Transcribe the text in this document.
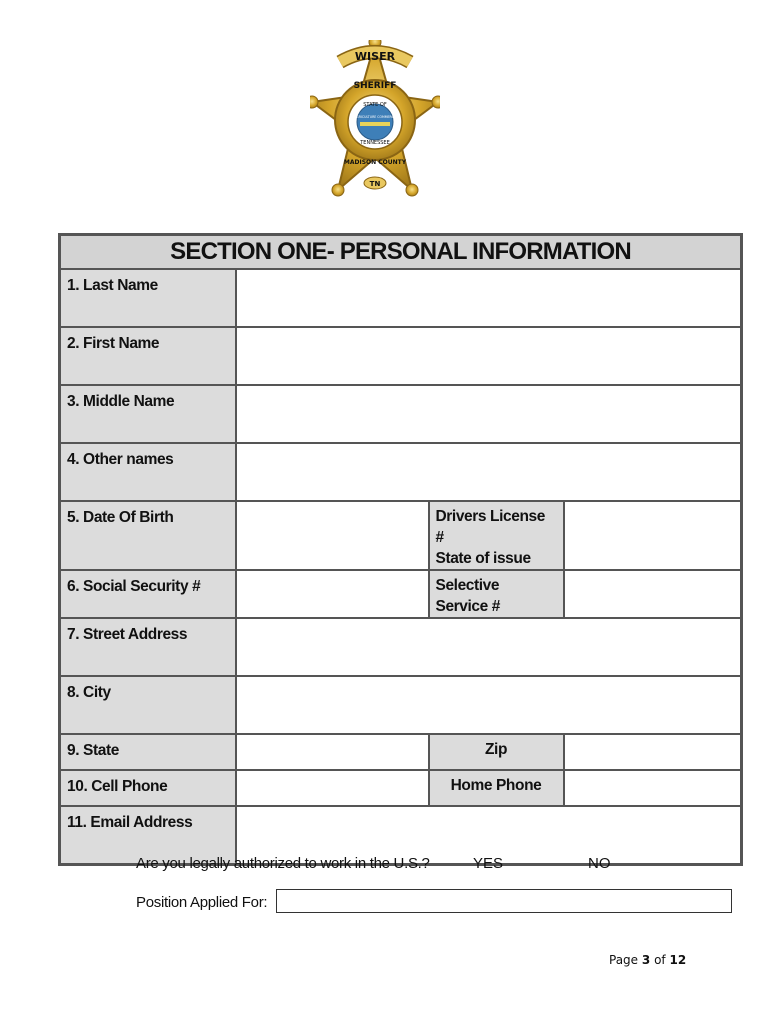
WISER
SHERIFF
STATE OF
AGRICULTURE COMMERCE
TENNESSEE
MADISON COUNTY
TN
SECTION ONE- PERSONAL INFORMATION			
1. Last Name			
2. First Name			
3. Middle Name			
4. Other names			
5. Date Of Birth		Drivers License #
State of issue	

6. Social Security #		Selective
Service #	

7. Street Address			
8. City			
9. State		Zip	
10. Cell Phone		Home Phone	
11. Email Address			
Are you legally authorized to work in the U.S.?	YES	NO
Position Applied For:
Page 3 of 12
